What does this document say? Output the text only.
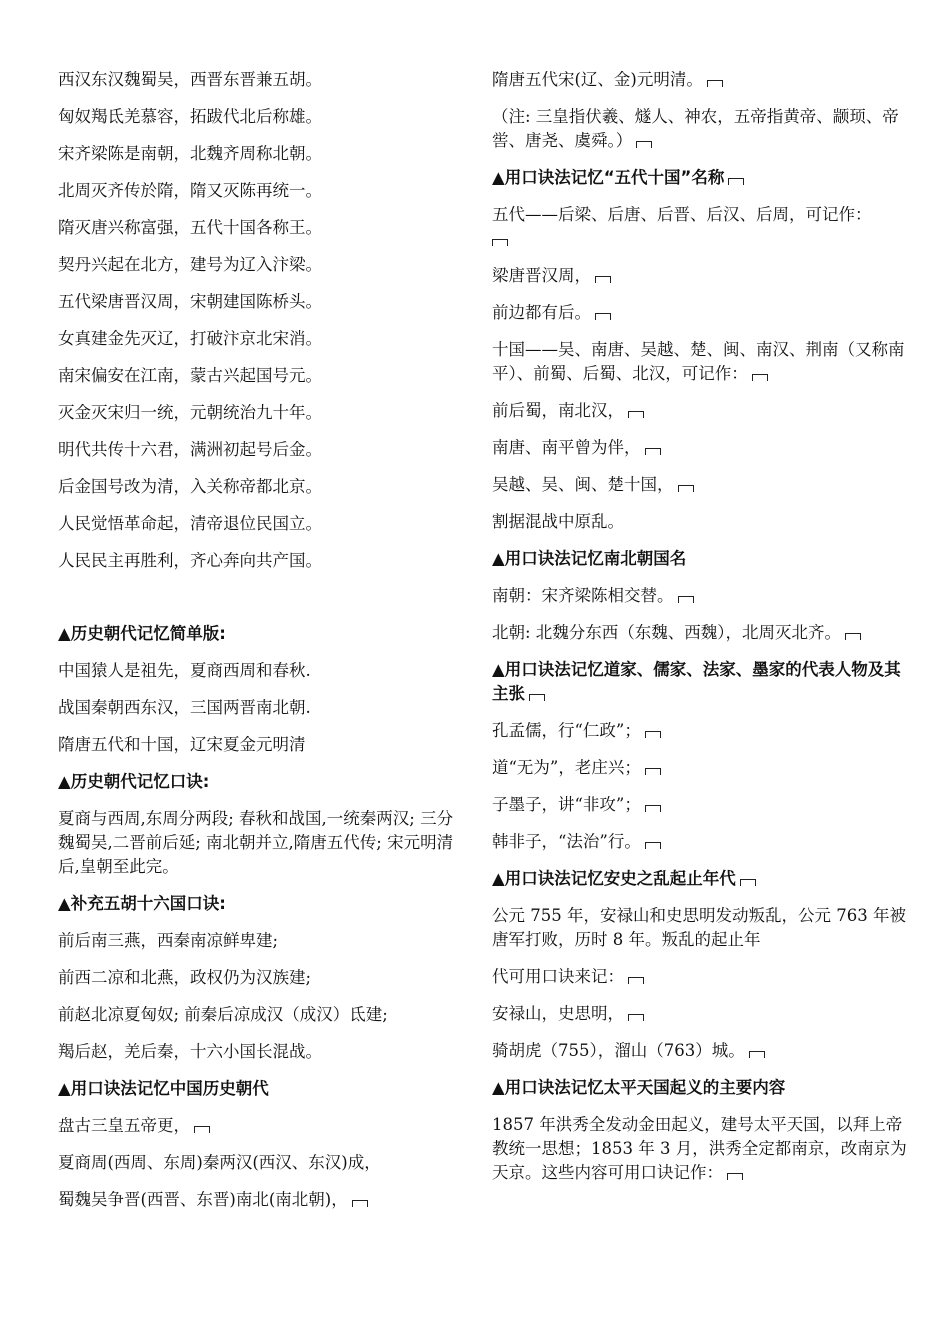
西汉东汉魏蜀吴，西晋东晋兼五胡。

匈奴羯氐羌慕容，拓跋代北后称雄。

宋齐梁陈是南朝，北魏齐周称北朝。

北周灭齐传於隋，隋又灭陈再统一。

隋灭唐兴称富强，五代十国各称王。

契丹兴起在北方，建号为辽入汴梁。

五代梁唐晋汉周，宋朝建国陈桥头。

女真建金先灭辽，打破汴京北宋消。

南宋偏安在江南，蒙古兴起国号元。

灭金灭宋归一统，元朝统治九十年。

明代共传十六君，满洲初起号后金。

后金国号改为清，入关称帝都北京。

人民觉悟革命起，清帝退位民国立。

人民民主再胜利，齐心奔向共产国。

▲历史朝代记忆简单版:

中国猿人是祖先，夏商西周和春秋.

战国秦朝西东汉，三国两晋南北朝.

隋唐五代和十国，辽宋夏金元明清

▲历史朝代记忆口诀:

夏商与西周,东周分两段; 春秋和战国,一统秦两汉; 三分魏蜀吴,二晋前后延; 南北朝并立,隋唐五代传; 宋元明清后,皇朝至此完。

▲补充五胡十六国口诀:

前后南三燕，西秦南凉鲜卑建;

前西二凉和北燕，政权仍为汉族建;

前赵北凉夏匈奴; 前秦后凉成汉（成汉）氐建;

羯后赵，羌后秦，十六小国长混战。

▲用口诀法记忆中国历史朝代

盘古三皇五帝更，

夏商周(西周、东周)秦两汉(西汉、东汉)成，

蜀魏吴争晋(西晋、东晋)南北(南北朝)，

隋唐五代宋(辽、金)元明清。

（注: 三皇指伏羲、燧人、神农，五帝指黄帝、颛顼、帝喾、唐尧、虞舜。）

▲用口诀法记忆“五代十国”名称

五代——后梁、后唐、后晋、后汉、后周，可记作：

梁唐晋汉周，

前边都有后。

十国——吴、南唐、吴越、楚、闽、南汉、荆南（又称南平）、前蜀、后蜀、北汉，可记作：

前后蜀，南北汉，

南唐、南平曾为伴，

吴越、吴、闽、楚十国，

割据混战中原乱。

▲用口诀法记忆南北朝国名

南朝：宋齐梁陈相交替。

北朝: 北魏分东西（东魏、西魏），北周灭北齐。

▲用口诀法记忆道家、儒家、法家、墨家的代表人物及其主张

孔孟儒，行“仁政”；

道“无为”，老庄兴；

子墨子，讲“非攻”；

韩非子，“法治”行。

▲用口诀法记忆安史之乱起止年代

公元 755 年，安禄山和史思明发动叛乱，公元 763 年被唐军打败，历时 8 年。叛乱的起止年

代可用口诀来记：

安禄山，史思明，

骑胡虎（755），溜山（763）城。

▲用口诀法记忆太平天国起义的主要内容

1857 年洪秀全发动金田起义，建号太平天国，以拜上帝教统一思想；1853 年 3 月，洪秀全定都南京，改南京为天京。这些内容可用口诀记作：
